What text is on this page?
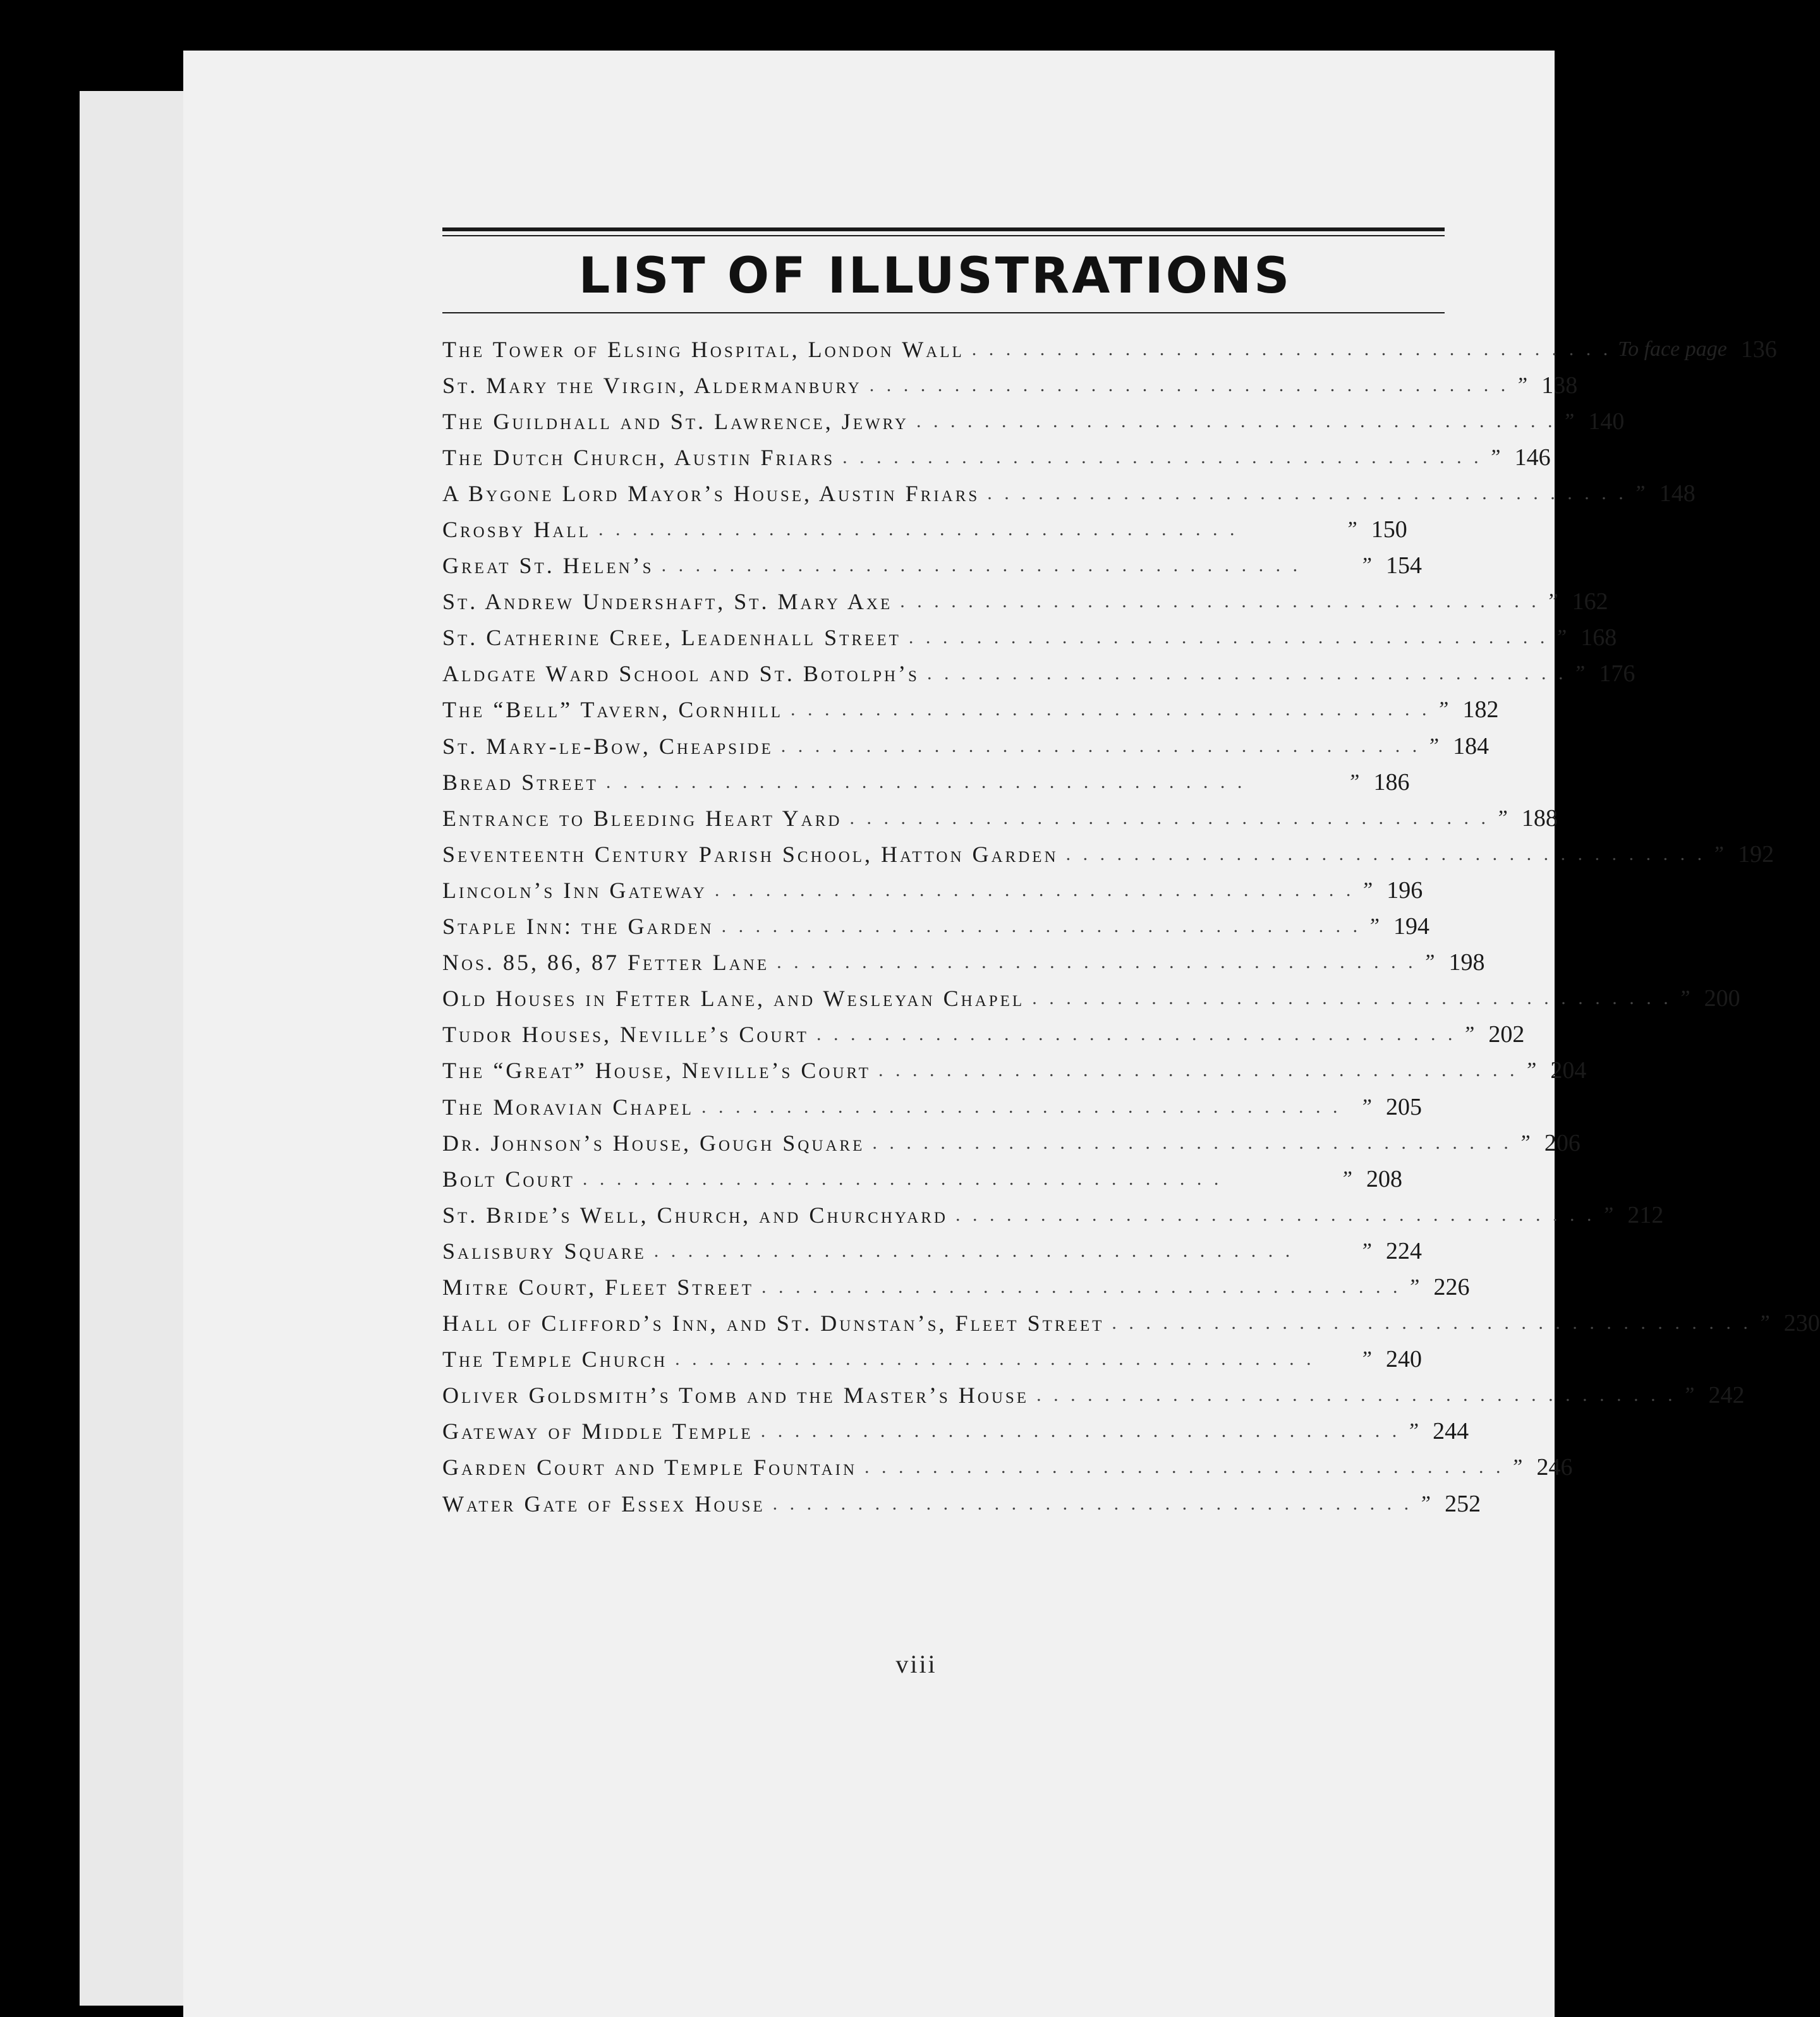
LIST OF ILLUSTRATIONS
The Tower of Elsing Hospital, London Wall . . . . . . . . . . . . . . . . . . . . . . . . . . . . . . . . . . . . . . To face page 136
St. Mary the Virgin, Aldermanbury . . . . . . . . . . . . . . . . . . . . . . . . . . . . . . . . . . . . . . ” 138
The Guildhall and St. Lawrence, Jewry . . . . . . . . . . . . . . . . . . . . . . . . . . . . . . . . . . . . . . ” 140
The Dutch Church, Austin Friars . . . . . . . . . . . . . . . . . . . . . . . . . . . . . . . . . . . . . . ” 146
A Bygone Lord Mayor’s House, Austin Friars . . . . . . . . . . . . . . . . . . . . . . . . . . . . . . . . . . . . . . ” 148
Crosby Hall . . . . . . . . . . . . . . . . . . . . . . . . . . . . . . . . . . . . . .	” 150
Great St. Helen’s . . . . . . . . . . . . . . . . . . . . . . . . . . . . . . . . . . . . . .	” 154
St. Andrew Undershaft, St. Mary Axe . . . . . . . . . . . . . . . . . . . . . . . . . . . . . . . . . . . . . . ” 162
St. Catherine Cree, Leadenhall Street . . . . . . . . . . . . . . . . . . . . . . . . . . . . . . . . . . . . . . ” 168
Aldgate Ward School and St. Botolph’s . . . . . . . . . . . . . . . . . . . . . . . . . . . . . . . . . . . . . . ” 176
The “Bell” Tavern, Cornhill . . . . . . . . . . . . . . . . . . . . . . . . . . . . . . . . . . . . . . ” 182
St. Mary-le-Bow, Cheapside . . . . . . . . . . . . . . . . . . . . . . . . . . . . . . . . . . . . . . ” 184
Bread Street . . . . . . . . . . . . . . . . . . . . . . . . . . . . . . . . . . . . . .	” 186
Entrance to Bleeding Heart Yard . . . . . . . . . . . . . . . . . . . . . . . . . . . . . . . . . . . . . . ” 188
Seventeenth Century Parish School, Hatton Garden . . . . . . . . . . . . . . . . . . . . . . . . . . . . . . . . . . . . . . ” 192
Lincoln’s Inn Gateway . . . . . . . . . . . . . . . . . . . . . . . . . . . . . . . . . . . . . . ” 196
Staple Inn: the Garden . . . . . . . . . . . . . . . . . . . . . . . . . . . . . . . . . . . . . . ” 194
Nos. 85, 86, 87 Fetter Lane . . . . . . . . . . . . . . . . . . . . . . . . . . . . . . . . . . . . . . ” 198
Old Houses in Fetter Lane, and Wesleyan Chapel . . . . . . . . . . . . . . . . . . . . . . . . . . . . . . . . . . . . . . ” 200
Tudor Houses, Neville’s Court . . . . . . . . . . . . . . . . . . . . . . . . . . . . . . . . . . . . . . ” 202
The “Great” House, Neville’s Court . . . . . . . . . . . . . . . . . . . . . . . . . . . . . . . . . . . . . . ” 204
The Moravian Chapel . . . . . . . . . . . . . . . . . . . . . . . . . . . . . . . . . . . . . . ” 205
Dr. Johnson’s House, Gough Square . . . . . . . . . . . . . . . . . . . . . . . . . . . . . . . . . . . . . . ” 206
Bolt Court . . . . . . . . . . . . . . . . . . . . . . . . . . . . . . . . . . . . . .	” 208
St. Bride’s Well, Church, and Churchyard . . . . . . . . . . . . . . . . . . . . . . . . . . . . . . . . . . . . . . ” 212
Salisbury Square . . . . . . . . . . . . . . . . . . . . . . . . . . . . . . . . . . . . . .	” 224
Mitre Court, Fleet Street . . . . . . . . . . . . . . . . . . . . . . . . . . . . . . . . . . . . . . ” 226
Hall of Clifford’s Inn, and St. Dunstan’s, Fleet Street . . . . . . . . . . . . . . . . . . . . . . . . . . . . . . . . . . . . . . ” 230
The Temple Church . . . . . . . . . . . . . . . . . . . . . . . . . . . . . . . . . . . . . .	” 240
Oliver Goldsmith’s Tomb and the Master’s House . . . . . . . . . . . . . . . . . . . . . . . . . . . . . . . . . . . . . . ” 242
Gateway of Middle Temple . . . . . . . . . . . . . . . . . . . . . . . . . . . . . . . . . . . . . . ” 244
Garden Court and Temple Fountain . . . . . . . . . . . . . . . . . . . . . . . . . . . . . . . . . . . . . . ” 246
Water Gate of Essex House . . . . . . . . . . . . . . . . . . . . . . . . . . . . . . . . . . . . . . ” 252
viii
